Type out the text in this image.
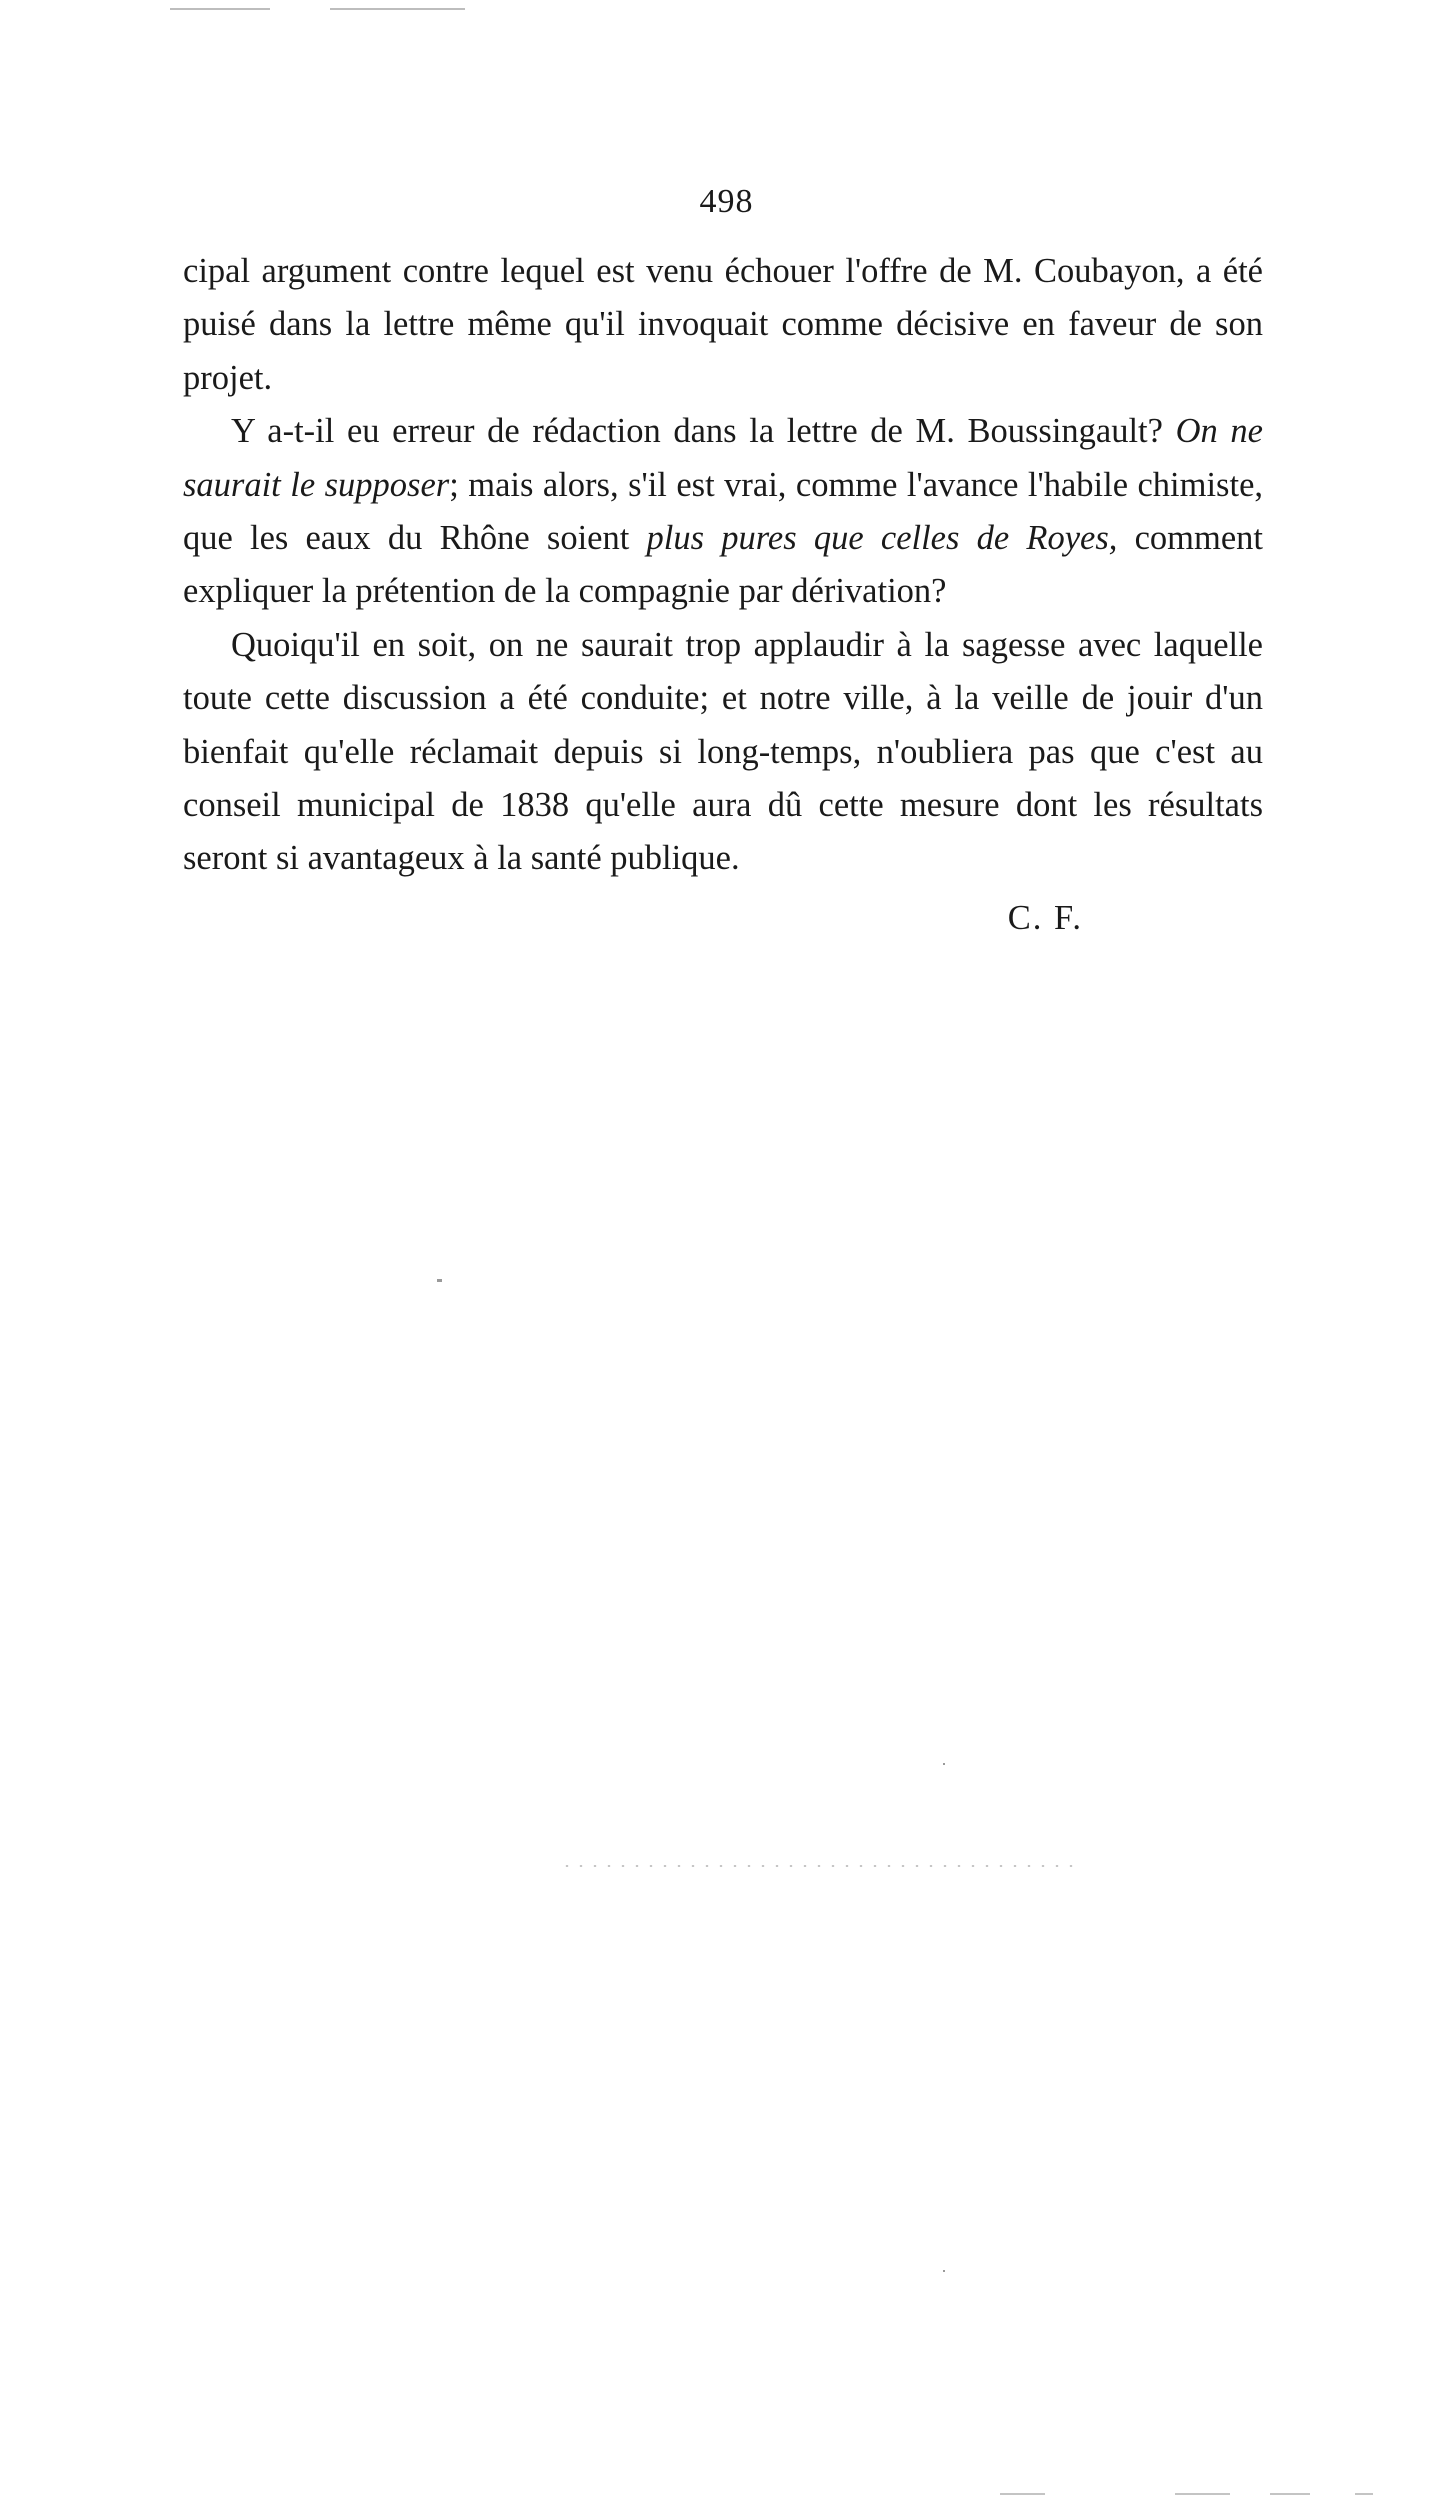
498

cipal argument contre lequel est venu échouer l'offre de M. Coubayon, a été puisé dans la lettre même qu'il invoquait comme décisive en faveur de son projet.

Y a-t-il eu erreur de rédaction dans la lettre de M. Boussingault? On ne saurait le supposer; mais alors, s'il est vrai, comme l'avance l'habile chimiste, que les eaux du Rhône soient plus pures que celles de Royes, comment expliquer la prétention de la compagnie par dérivation?

Quoiqu'il en soit, on ne saurait trop applaudir à la sagesse avec laquelle toute cette discussion a été conduite; et notre ville, à la veille de jouir d'un bienfait qu'elle réclamait depuis si long-temps, n'oubliera pas que c'est au conseil municipal de 1838 qu'elle aura dû cette mesure dont les résultats seront si avantageux à la santé publique.

C. F.
